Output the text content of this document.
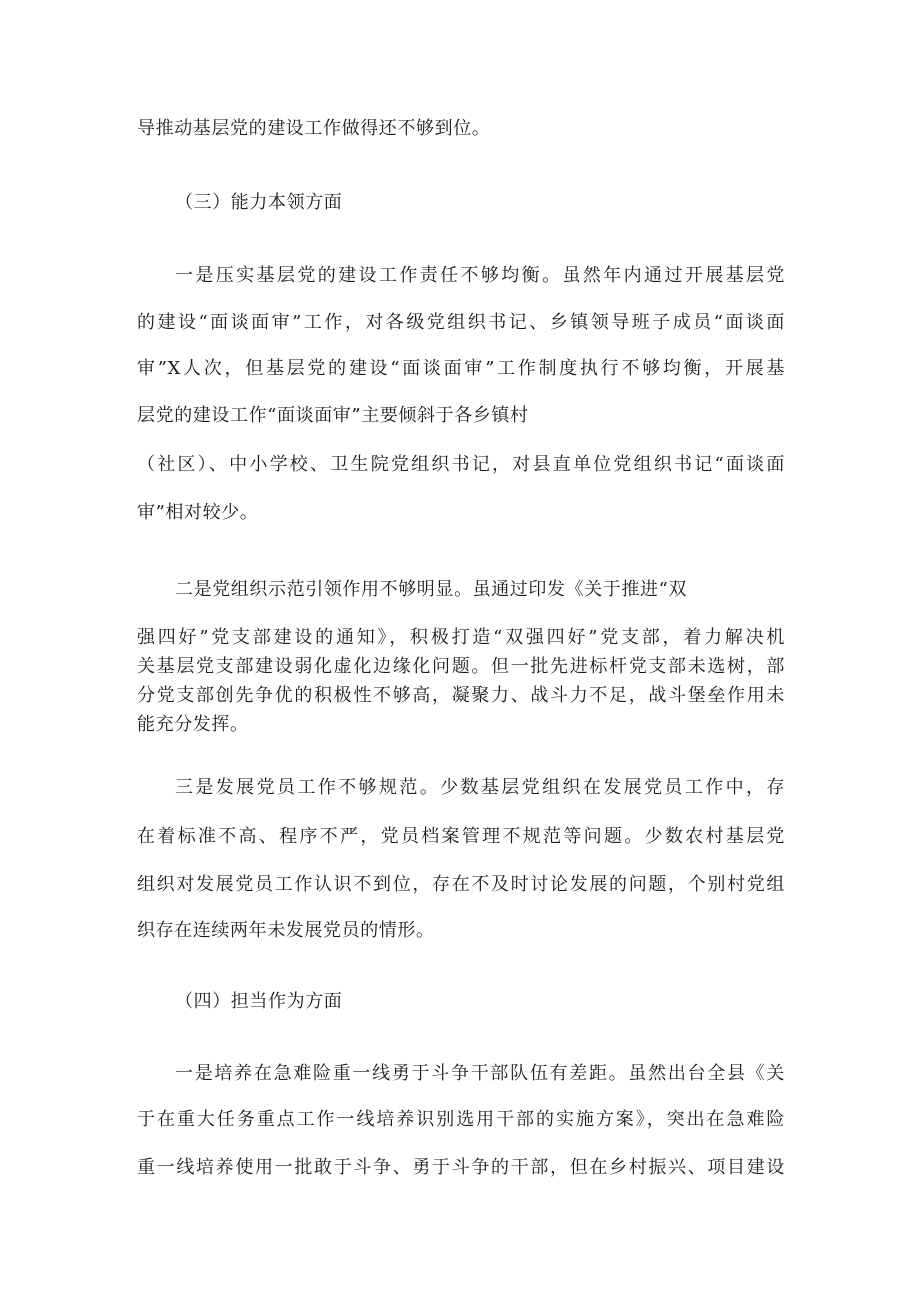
导推动基层党的建设工作做得还不够到位。
（三）能力本领方面
一是压实基层党的建设工作责任不够均衡。虽然年内通过开展基层党
的建设“面谈面审”工作，对各级党组织书记、乡镇领导班子成员“面谈面
审”X人次，但基层党的建设“面谈面审”工作制度执行不够均衡，开展基
层党的建设工作“面谈面审”主要倾斜于各乡镇村
（社区）、中小学校、卫生院党组织书记，对县直单位党组织书记“面谈面
审”相对较少。
二是党组织示范引领作用不够明显。虽通过印发《关于推进“双
强四好”党支部建设的通知》，积极打造“双强四好”党支部，着力解决机
关基层党支部建设弱化虚化边缘化问题。但一批先进标杆党支部未选树，部
分党支部创先争优的积极性不够高，凝聚力、战斗力不足，战斗堡垒作用未
能充分发挥。
三是发展党员工作不够规范。少数基层党组织在发展党员工作中，存
在着标准不高、程序不严，党员档案管理不规范等问题。少数农村基层党
组织对发展党员工作认识不到位，存在不及时讨论发展的问题，个别村党组
织存在连续两年未发展党员的情形。
（四）担当作为方面
一是培养在急难险重一线勇于斗争干部队伍有差距。虽然出台全县《关
于在重大任务重点工作一线培养识别选用干部的实施方案》，突出在急难险
重一线培养使用一批敢于斗争、勇于斗争的干部，但在乡村振兴、项目建设
